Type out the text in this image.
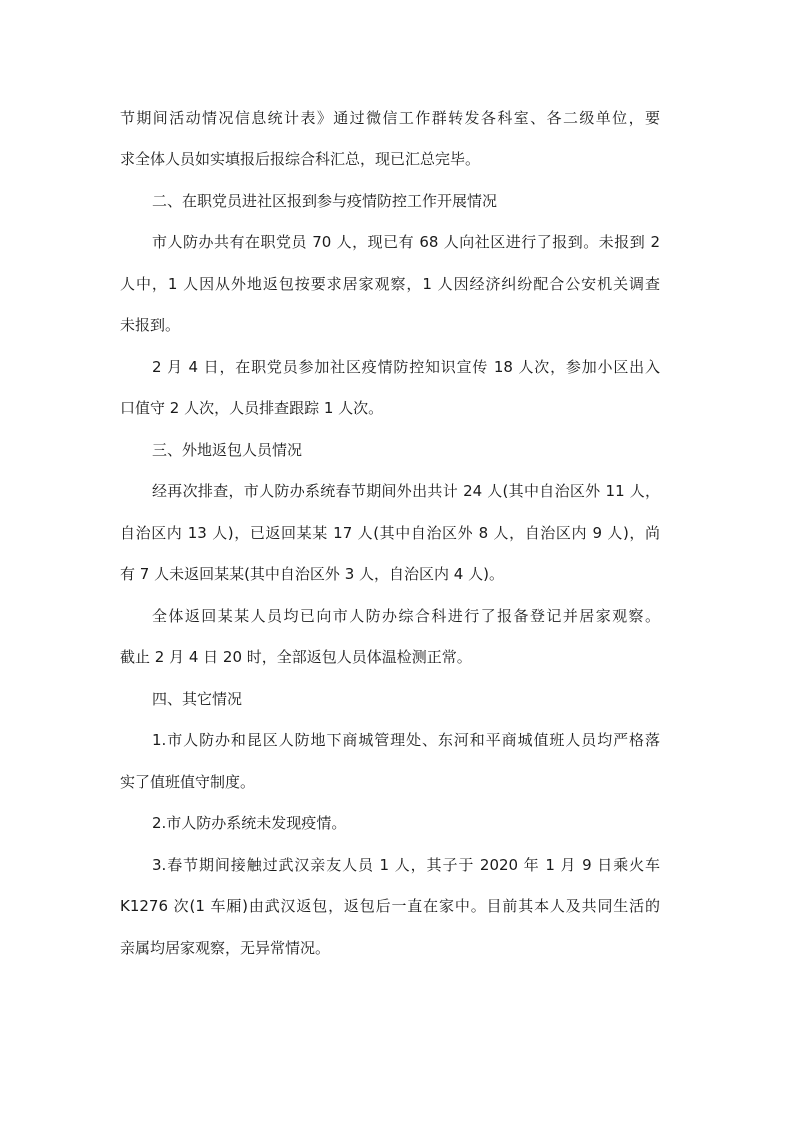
节期间活动情况信息统计表》通过微信工作群转发各科室、各二级单位，要
求全体人员如实填报后报综合科汇总，现已汇总完毕。
二、在职党员进社区报到参与疫情防控工作开展情况
市人防办共有在职党员 70 人，现已有 68 人向社区进行了报到。未报到 2
人中，1 人因从外地返包按要求居家观察，1 人因经济纠纷配合公安机关调查
未报到。
2 月 4 日，在职党员参加社区疫情防控知识宣传 18 人次，参加小区出入
口值守 2 人次，人员排查跟踪 1 人次。
三、外地返包人员情况
经再次排查，市人防办系统春节期间外出共计 24 人(其中自治区外 11 人，
自治区内 13 人)，已返回某某 17 人(其中自治区外 8 人，自治区内 9 人)，尚
有 7 人未返回某某(其中自治区外 3 人，自治区内 4 人)。
全体返回某某人员均已向市人防办综合科进行了报备登记并居家观察。
截止 2 月 4 日 20 时，全部返包人员体温检测正常。
四、其它情况
1.市人防办和昆区人防地下商城管理处、东河和平商城值班人员均严格落
实了值班值守制度。
2.市人防办系统未发现疫情。
3.春节期间接触过武汉亲友人员 1 人，其子于 2020 年 1 月 9 日乘火车
K1276 次(1 车厢)由武汉返包，返包后一直在家中。目前其本人及共同生活的
亲属均居家观察，无异常情况。
